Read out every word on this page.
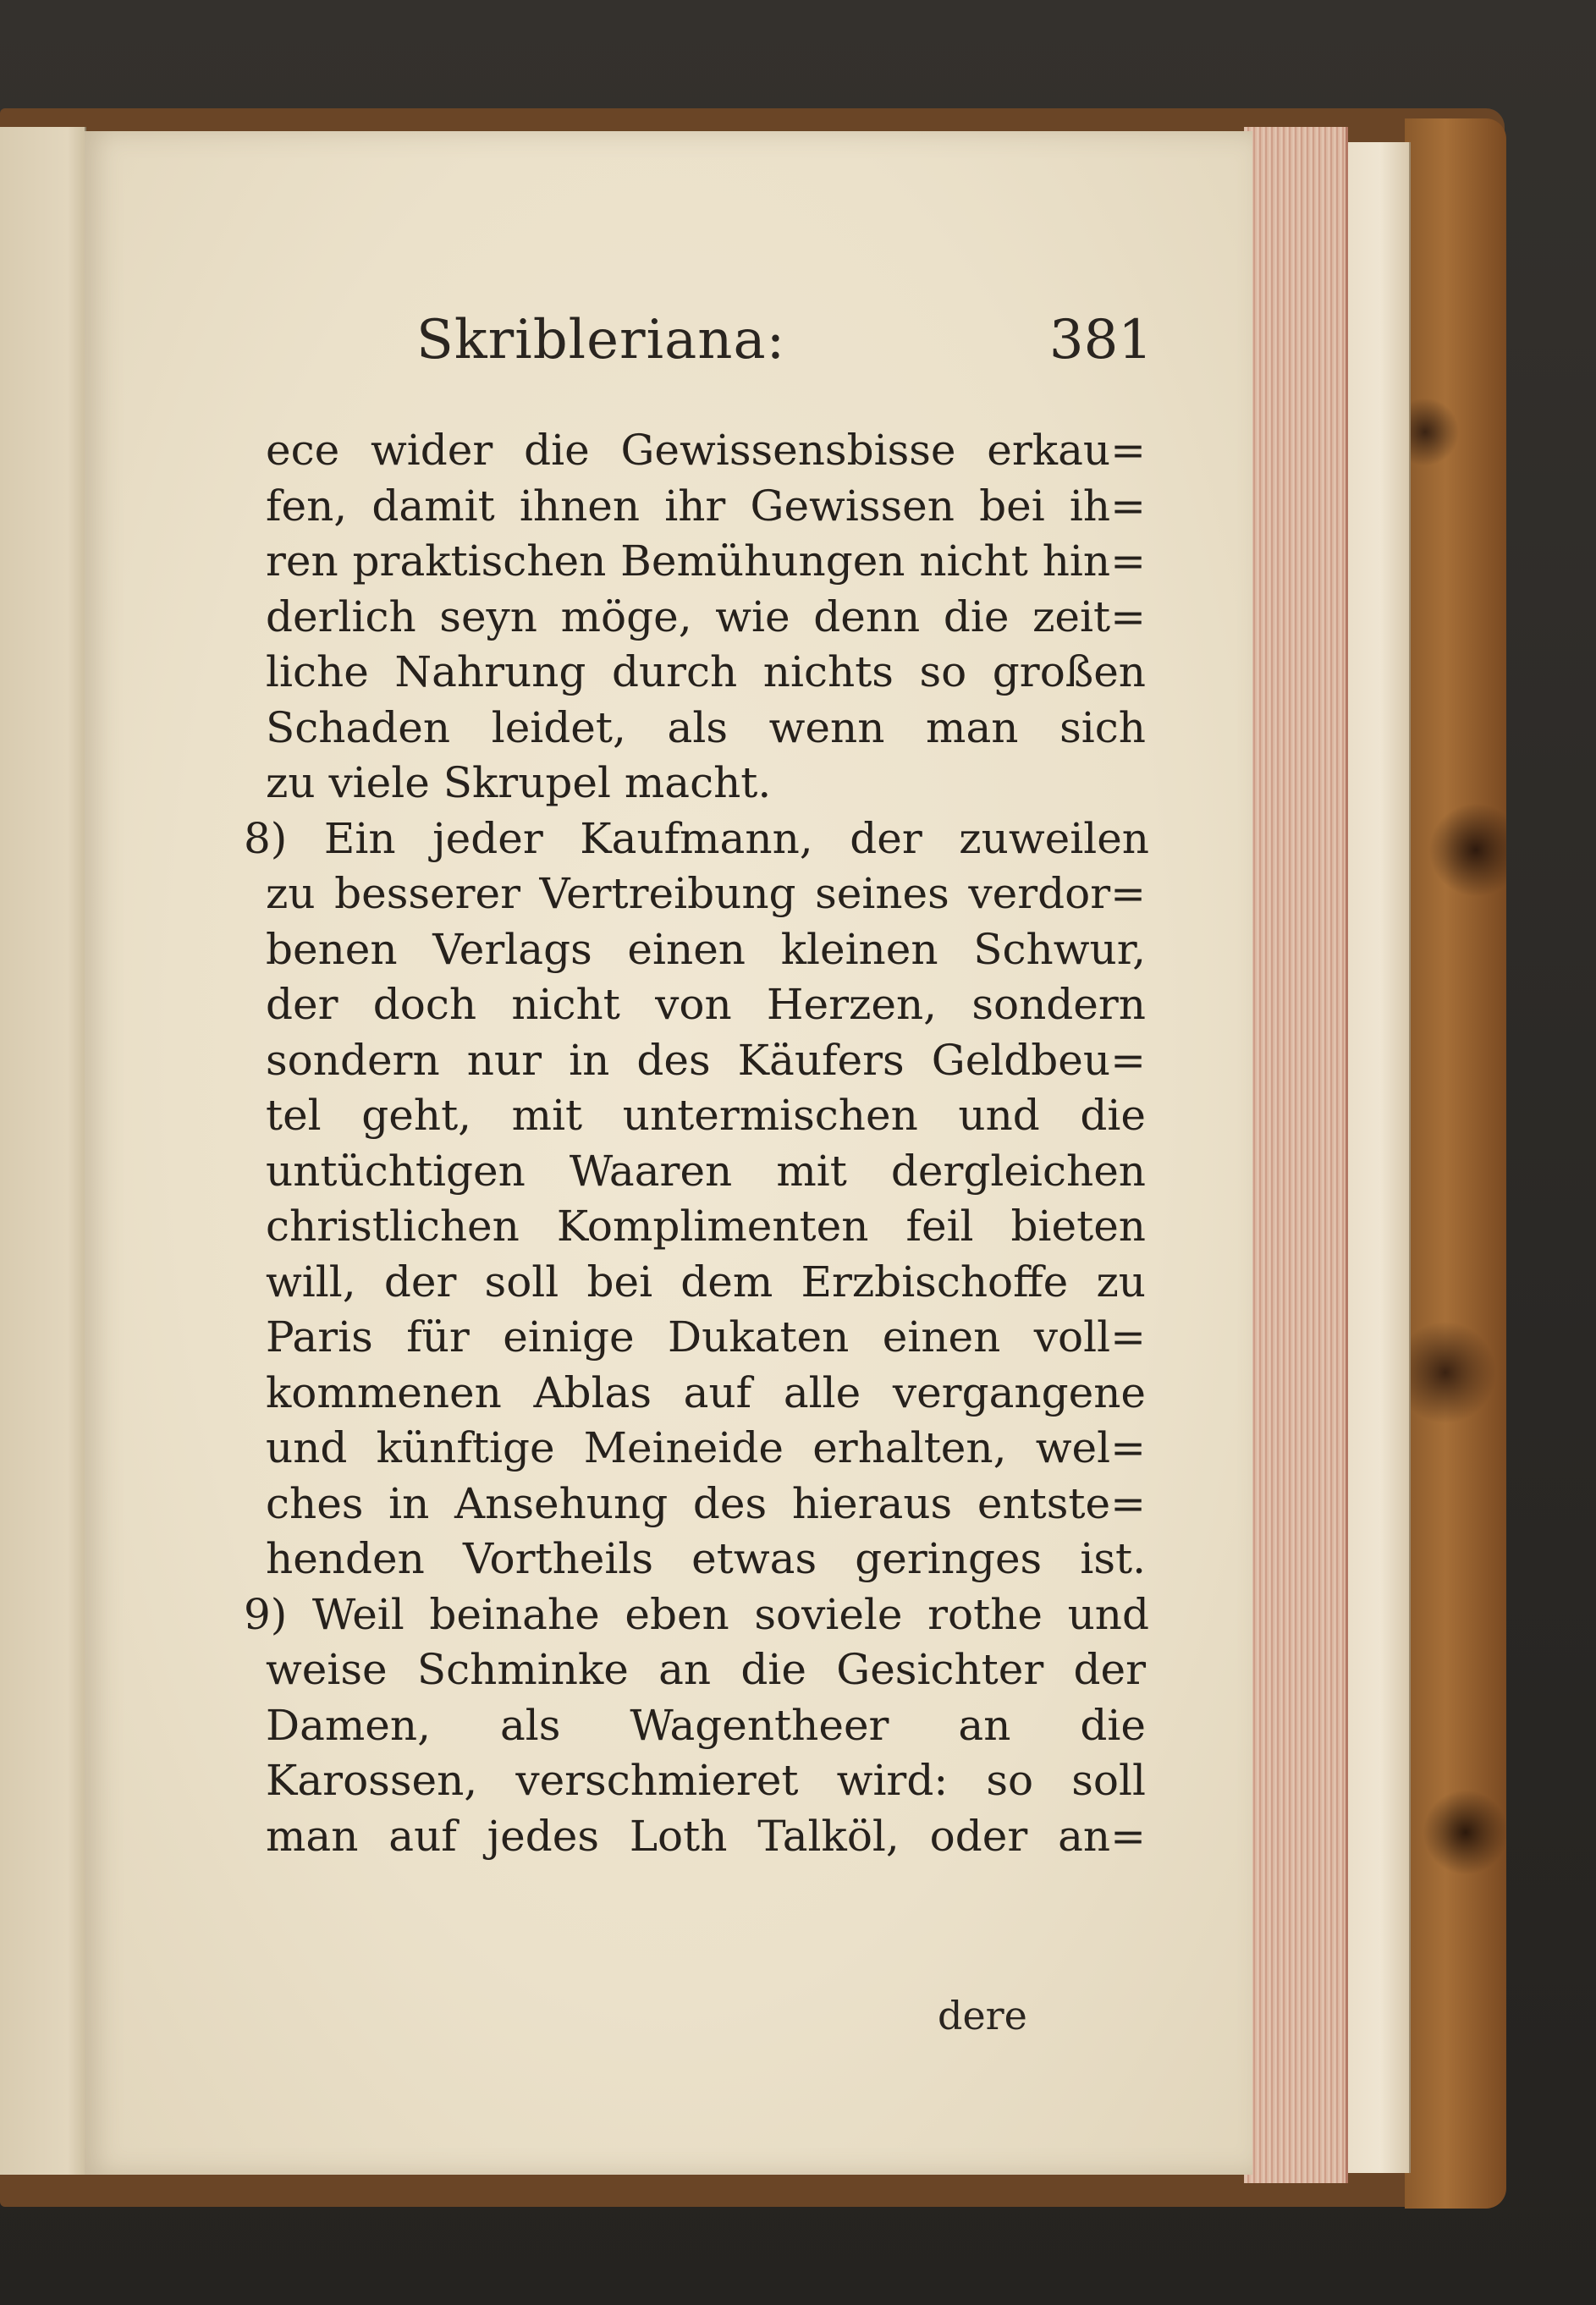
Skribleriana:	381
ece wider die Gewissensbisse erkau=
fen, damit ihnen ihr Gewissen bei ih=
ren praktischen Bemühungen nicht hin=
derlich seyn möge, wie denn die zeit=
liche Nahrung durch nichts so großen
Schaden leidet, als wenn man sich
zu viele Skrupel macht.
8) Ein jeder Kaufmann, der zuweilen
zu besserer Vertreibung seines verdor=
benen Verlags einen kleinen Schwur,
der doch nicht von Herzen, sondern
sondern nur in des Käufers Geldbeu=
tel geht, mit untermischen und die
untüchtigen Waaren mit dergleichen
christlichen Komplimenten feil bieten
will, der soll bei dem Erzbischoffe zu
Paris für einige Dukaten einen voll=
kommenen Ablas auf alle vergangene
und künftige Meineide erhalten, wel=
ches in Ansehung des hieraus entste=
henden Vortheils etwas geringes ist.
9) Weil beinahe eben soviele rothe und
weise Schminke an die Gesichter der
Damen, als Wagentheer an die
Karossen, verschmieret wird: so soll
man auf jedes Loth Talköl, oder an=
dere
